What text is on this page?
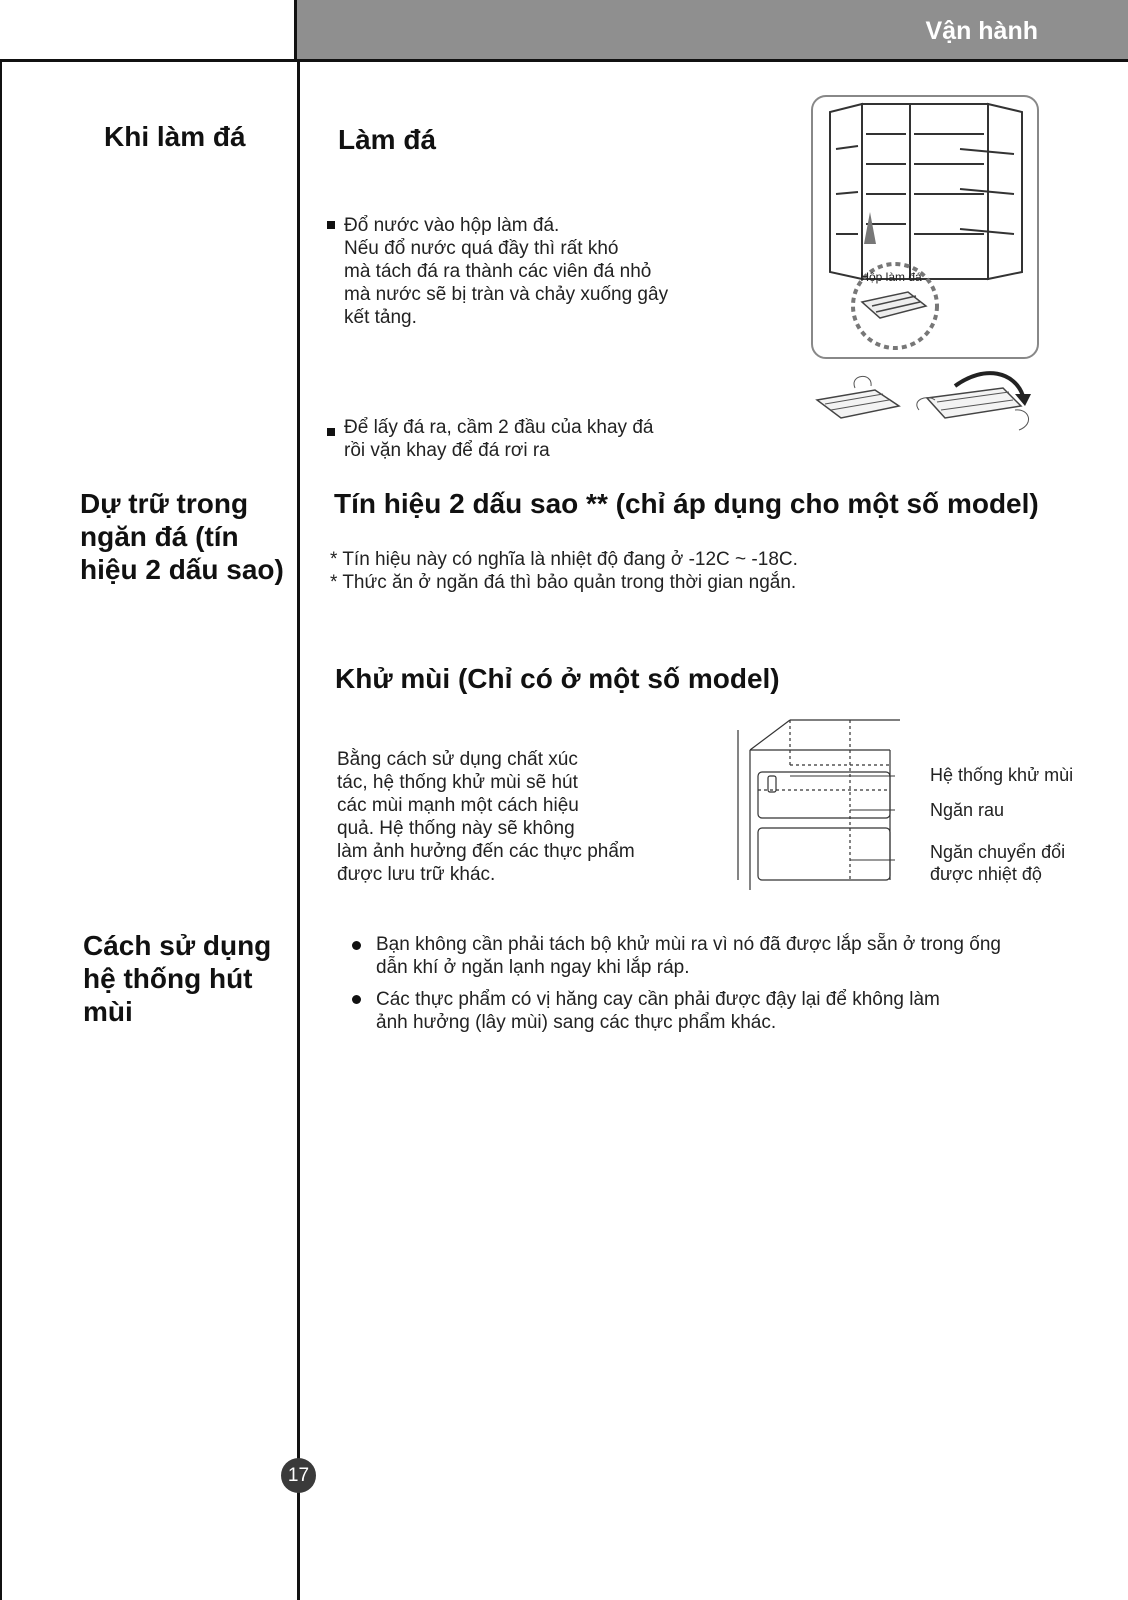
Vận hành
Khi làm đá
Dự trữ trong
ngăn đá (tín
hiệu 2 dấu sao)
Cách sử dụng
hệ thống hút
mùi
Làm đá
Đổ nước vào hộp làm đá.
Nếu đổ nước quá đầy thì rất khó
mà tách đá ra thành các viên đá nhỏ
mà nước sẽ bị tràn và chảy xuống gây
kết tảng.
Để lấy đá ra, cầm 2 đầu của khay đá
rồi vặn khay để đá rơi ra
Hộp làm đá
Tín hiệu 2 dấu sao ** (chỉ áp dụng cho một số model)
* Tín hiệu này có nghĩa là nhiệt độ đang ở -12C ~ -18C.
* Thức ăn ở ngăn đá thì bảo quản trong thời gian ngắn.
Khử mùi (Chỉ có ở một số model)
Bằng cách sử dụng chất xúc
tác, hệ thống khử mùi sẽ hút
các mùi mạnh một cách hiệu
quả. Hệ thống này sẽ không
làm ảnh hưởng đến các thực phẩm
được lưu trữ khác.
Hệ thống khử mùi
Ngăn rau
Ngăn chuyển đổi
được nhiệt độ
Bạn không cần phải tách bộ khử mùi ra vì nó đã được lắp sẵn ở trong ống
dẫn khí ở ngăn lạnh ngay khi lắp ráp.
Các thực phẩm có vị hăng cay cần phải được đậy lại để không làm
ảnh hưởng (lây mùi) sang các thực phẩm khác.
17
